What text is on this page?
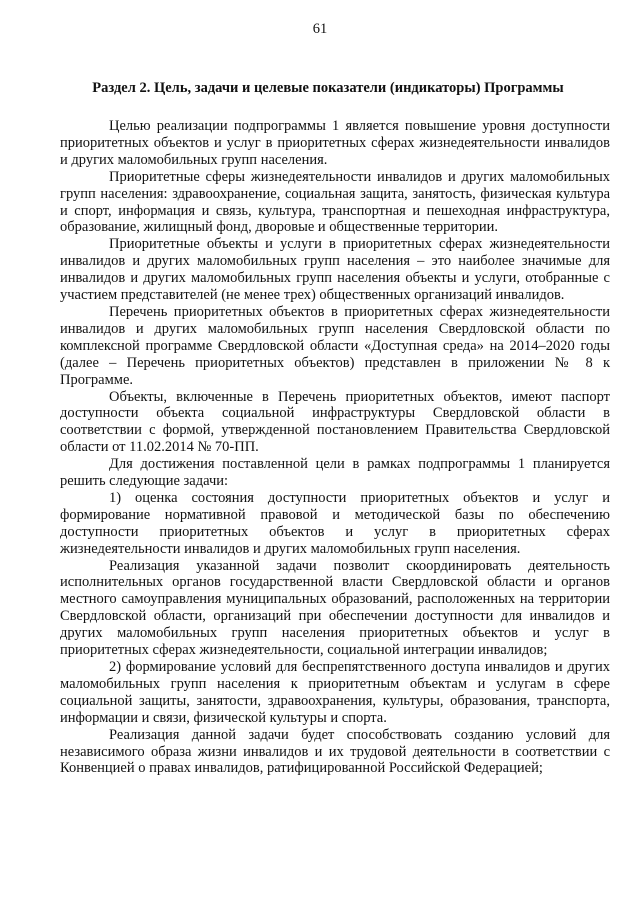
61
Раздел 2. Цель, задачи и целевые показатели (индикаторы) Программы

Целью реализации подпрограммы 1 является повышение уровня доступности приоритетных объектов и услуг в приоритетных сферах жизнедеятельности инвалидов и других маломобильных групп населения.

Приоритетные сферы жизнедеятельности инвалидов и других маломобильных групп населения: здравоохранение, социальная защита, занятость, физическая культура и спорт, информация и связь, культура, транспортная и пешеходная инфраструктура, образование, жилищный фонд, дворовые и общественные территории.

Приоритетные объекты и услуги в приоритетных сферах жизнедеятельности инвалидов и других маломобильных групп населения – это наиболее значимые для инвалидов и других маломобильных групп населения объекты и услуги, отобранные с участием представителей (не менее трех) общественных организаций инвалидов.

Перечень приоритетных объектов в приоритетных сферах жизнедеятельности инвалидов и других маломобильных групп населения Свердловской области по комплексной программе Свердловской области «Доступная среда» на 2014–2020 годы (далее – Перечень приоритетных объектов) представлен в приложении № 8 к Программе.

Объекты, включенные в Перечень приоритетных объектов, имеют паспорт доступности объекта социальной инфраструктуры Свердловской области в соответствии с формой, утвержденной постановлением Правительства Свердловской области от 11.02.2014 № 70-ПП.

Для достижения поставленной цели в рамках подпрограммы 1 планируется решить следующие задачи:

1) оценка состояния доступности приоритетных объектов и услуг и формирование нормативной правовой и методической базы по обеспечению доступности приоритетных объектов и услуг в приоритетных сферах жизнедеятельности инвалидов и других маломобильных групп населения.

Реализация указанной задачи позволит скоординировать деятельность исполнительных органов государственной власти Свердловской области и органов местного самоуправления муниципальных образований, расположенных на территории Свердловской области, организаций при обеспечении доступности для инвалидов и других маломобильных групп населения приоритетных объектов и услуг в приоритетных сферах жизнедеятельности, социальной интеграции инвалидов;

2) формирование условий для беспрепятственного доступа инвалидов и других маломобильных групп населения к приоритетным объектам и услугам в сфере социальной защиты, занятости, здравоохранения, культуры, образования, транспорта, информации и связи, физической культуры и спорта.

Реализация данной задачи будет способствовать созданию условий для независимого образа жизни инвалидов и их трудовой деятельности в соответствии с Конвенцией о правах инвалидов, ратифицированной Российской Федерацией;
